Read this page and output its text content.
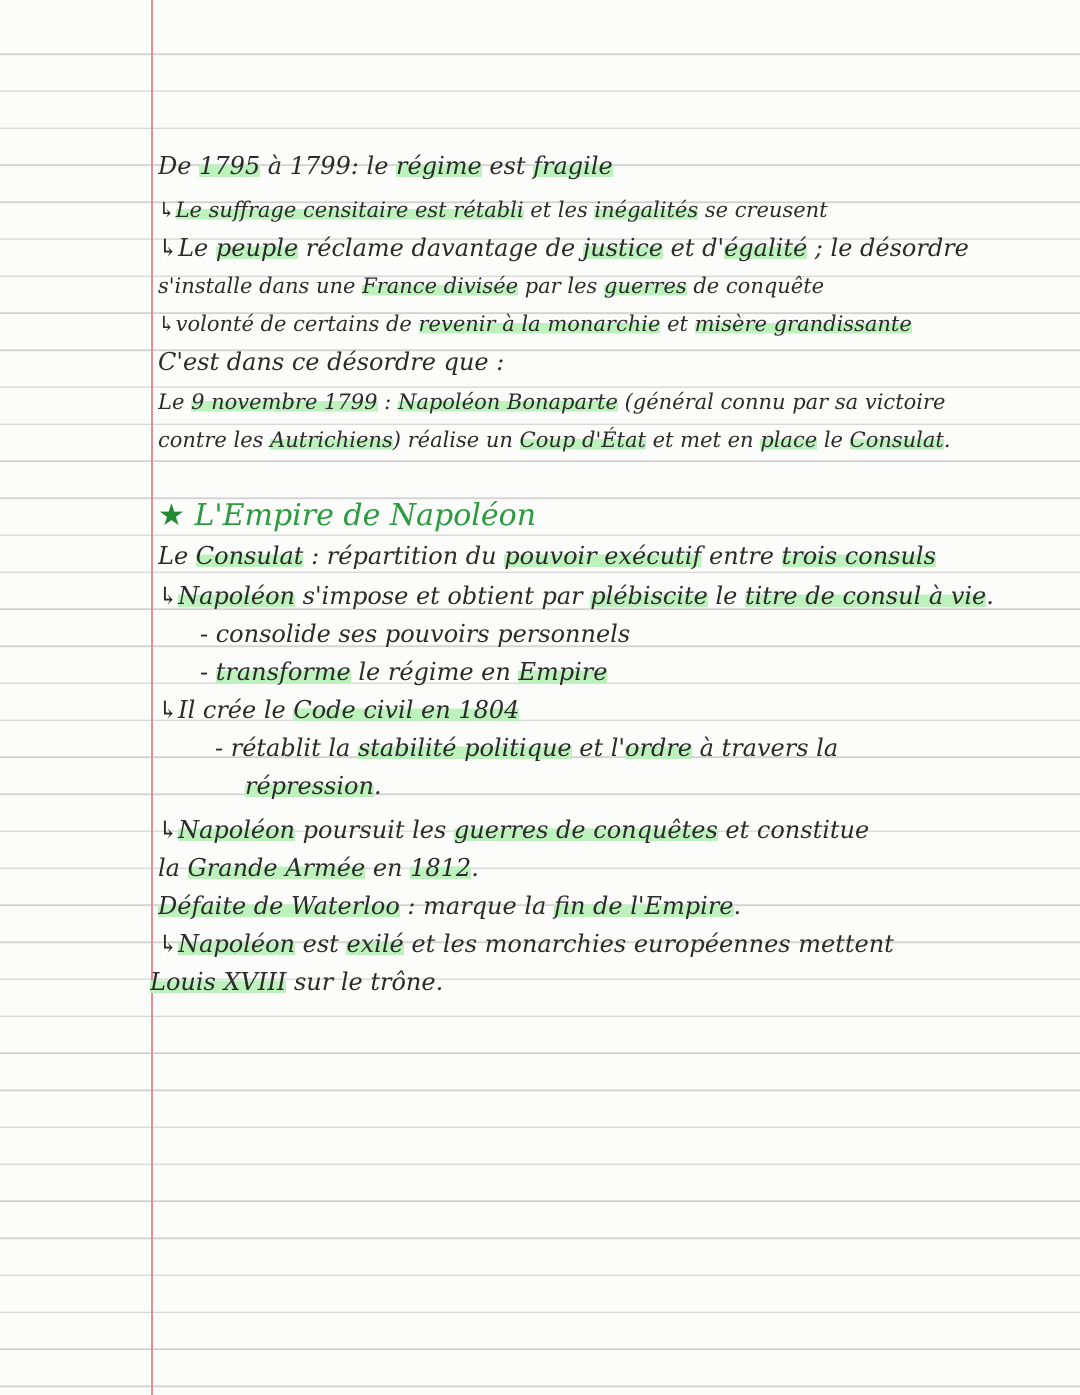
De 1795 à 1799: le régime est fragile
↳Le suffrage censitaire est rétabli et les inégalités se creusent
↳Le peuple réclame davantage de justice et d'égalité ; le désordre
s'installe dans une France divisée par les guerres de conquête
↳volonté de certains de revenir à la monarchie et misère grandissante
C'est dans ce désordre que :
Le 9 novembre 1799 : Napoléon Bonaparte (général connu par sa victoire
contre les Autrichiens) réalise un Coup d'État et met en place le Consulat.
★ L'Empire de Napoléon
Le Consulat : répartition du pouvoir exécutif entre trois consuls
↳Napoléon s'impose et obtient par plébiscite le titre de consul à vie.
- consolide ses pouvoirs personnels
- transforme le régime en Empire
↳Il crée le Code civil en 1804
- rétablit la stabilité politique et l'ordre à travers la
répression.
↳Napoléon poursuit les guerres de conquêtes et constitue
la Grande Armée en 1812.
Défaite de Waterloo : marque la fin de l'Empire.
↳Napoléon est exilé et les monarchies européennes mettent
Louis XVIII sur le trône.
